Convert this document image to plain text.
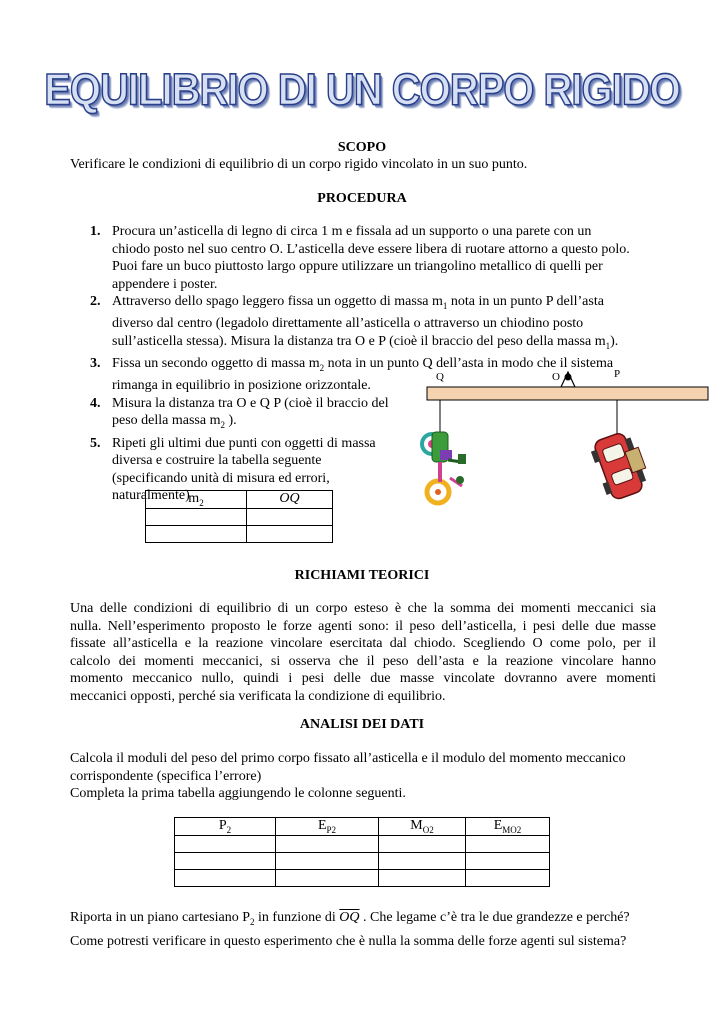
EQUILIBRIO DI UN CORPO RIGIDO
SCOPO
Verificare le condizioni di equilibrio di un corpo rigido vincolato in un suo punto.
PROCEDURA
1. Procura un’asticella di legno di circa 1 m e fissala ad un supporto o una parete con un
chiodo posto nel suo centro O. L’asticella deve essere libera di ruotare attorno a questo polo.
Puoi fare un buco piuttosto largo oppure utilizzare un triangolino metallico di quelli per
appendere i poster.
2. Attraverso dello spago leggero fissa un oggetto di massa $m_1$ nota in un punto P dell’asta
diverso dal centro (legadolo direttamente all’asticella o attraverso un chiodino posto
sull’asticella stessa). Misura la distanza tra O e P (cioè il braccio del peso della massa $m_1$).
3. Fissa un secondo oggetto di massa $m_2$ nota in un punto Q dell’asta in modo che il sistema
rimanga in equilibrio in posizione orizzontale.
4. Misura la distanza tra O e Q P (cioè il braccio del
peso della massa $m_2$ ).
5. Ripeti gli ultimi due punti con oggetti di massa
diversa e costruire la tabella seguente
(specificando unità di misura ed errori,
naturalmente)
Q	O	P
$m_2$	$\overline{OQ}$

RICHIAMI TEORICI
Una delle condizioni di equilibrio di un corpo esteso è che la somma dei momenti meccanici sia
nulla. Nell’esperimento proposto le forze agenti sono: il peso dell’asticella, i pesi delle due masse
fissate all’asticella e la reazione vincolare esercitata dal chiodo. Scegliendo O come polo, per il
calcolo dei momenti meccanici, si osserva che il peso dell’asta e la reazione vincolare hanno
momento meccanico nullo, quindi i pesi delle due masse vincolate dovranno avere momenti
meccanici opposti, perché sia verificata la condizione di equilibrio.
ANALISI DEI DATI
Calcola il moduli del peso del primo corpo fissato all’asticella e il modulo del momento meccanico
corrispondente (specifica l’errore)
Completa la prima tabella aggiungendo le colonne seguenti.
$P_2$	$E_{P2}$	$M_{O2}$	$E_{MO2}$

Riporta in un piano cartesiano $P_2$ in funzione di $\overline{OQ}$ . Che legame c’è tra le due grandezze e perché?
Come potresti verificare in questo esperimento che è nulla la somma delle forze agenti sul sistema?
